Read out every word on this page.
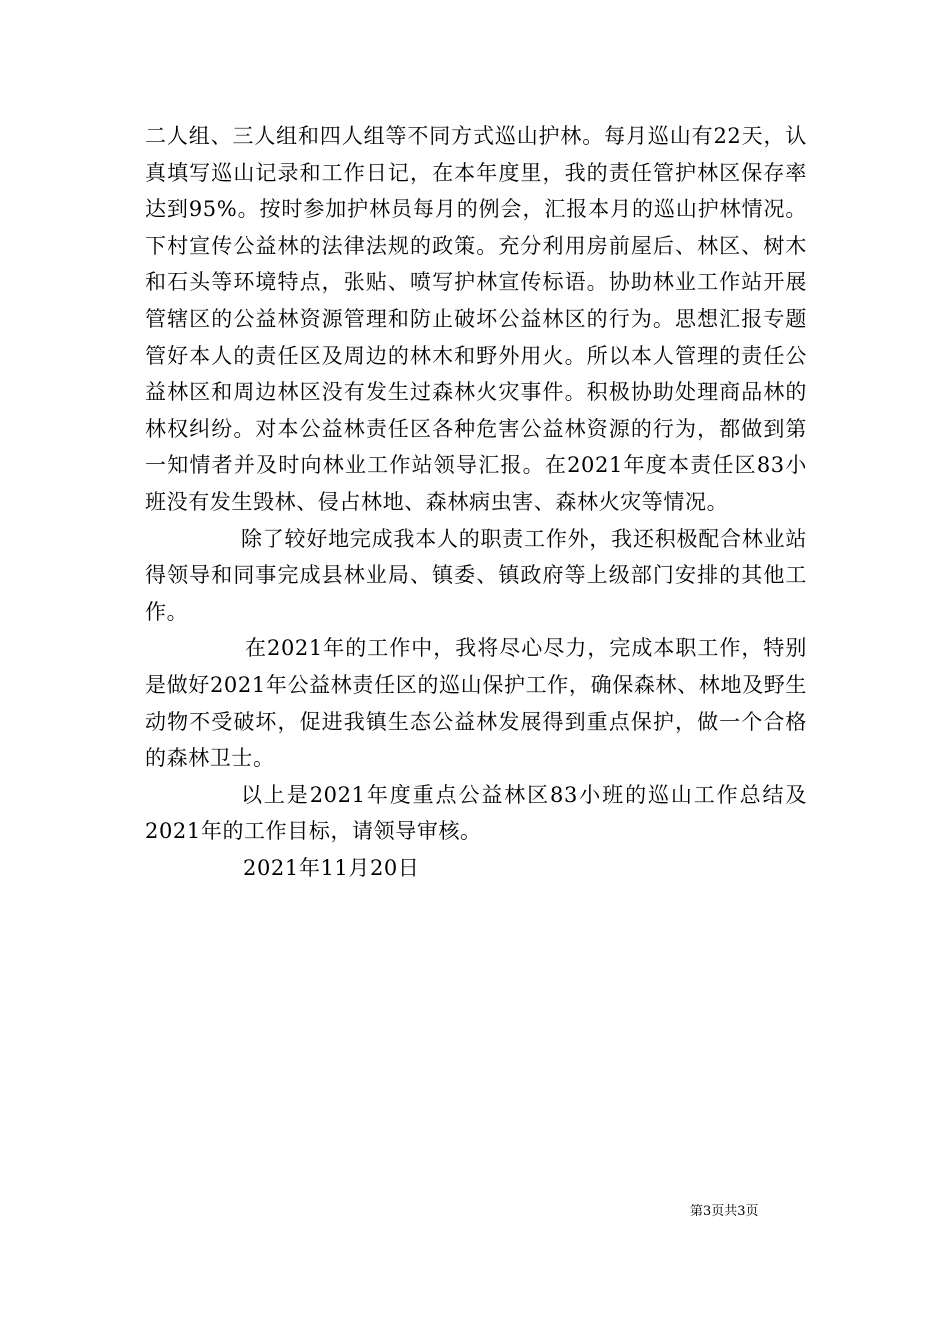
二人组、三人组和四人组等不同方式巡山护林。每月巡山有22天，认真填写巡山记录和工作日记，在本年度里，我的责任管护林区保存率达到95%。按时参加护林员每月的例会，汇报本月的巡山护林情况。下村宣传公益林的法律法规的政策。充分利用房前屋后、林区、树木和石头等环境特点，张贴、喷写护林宣传标语。协助林业工作站开展管辖区的公益林资源管理和防止破坏公益林区的行为。思想汇报专题管好本人的责任区及周边的林木和野外用火。所以本人管理的责任公益林区和周边林区没有发生过森林火灾事件。积极协助处理商品林的林权纠纷。对本公益林责任区各种危害公益林资源的行为，都做到第一知情者并及时向林业工作站领导汇报。在2021年度本责任区83小班没有发生毁林、侵占林地、森林病虫害、森林火灾等情况。

除了较好地完成我本人的职责工作外，我还积极配合林业站得领导和同事完成县林业局、镇委、镇政府等上级部门安排的其他工作。

在2021年的工作中，我将尽心尽力，完成本职工作，特别是做好2021年公益林责任区的巡山保护工作，确保森林、林地及野生动物不受破坏，促进我镇生态公益林发展得到重点保护，做一个合格的森林卫士。

以上是2021年度重点公益林区83小班的巡山工作总结及2021年的工作目标，请领导审核。

2021年11月20日

第3页共3页
